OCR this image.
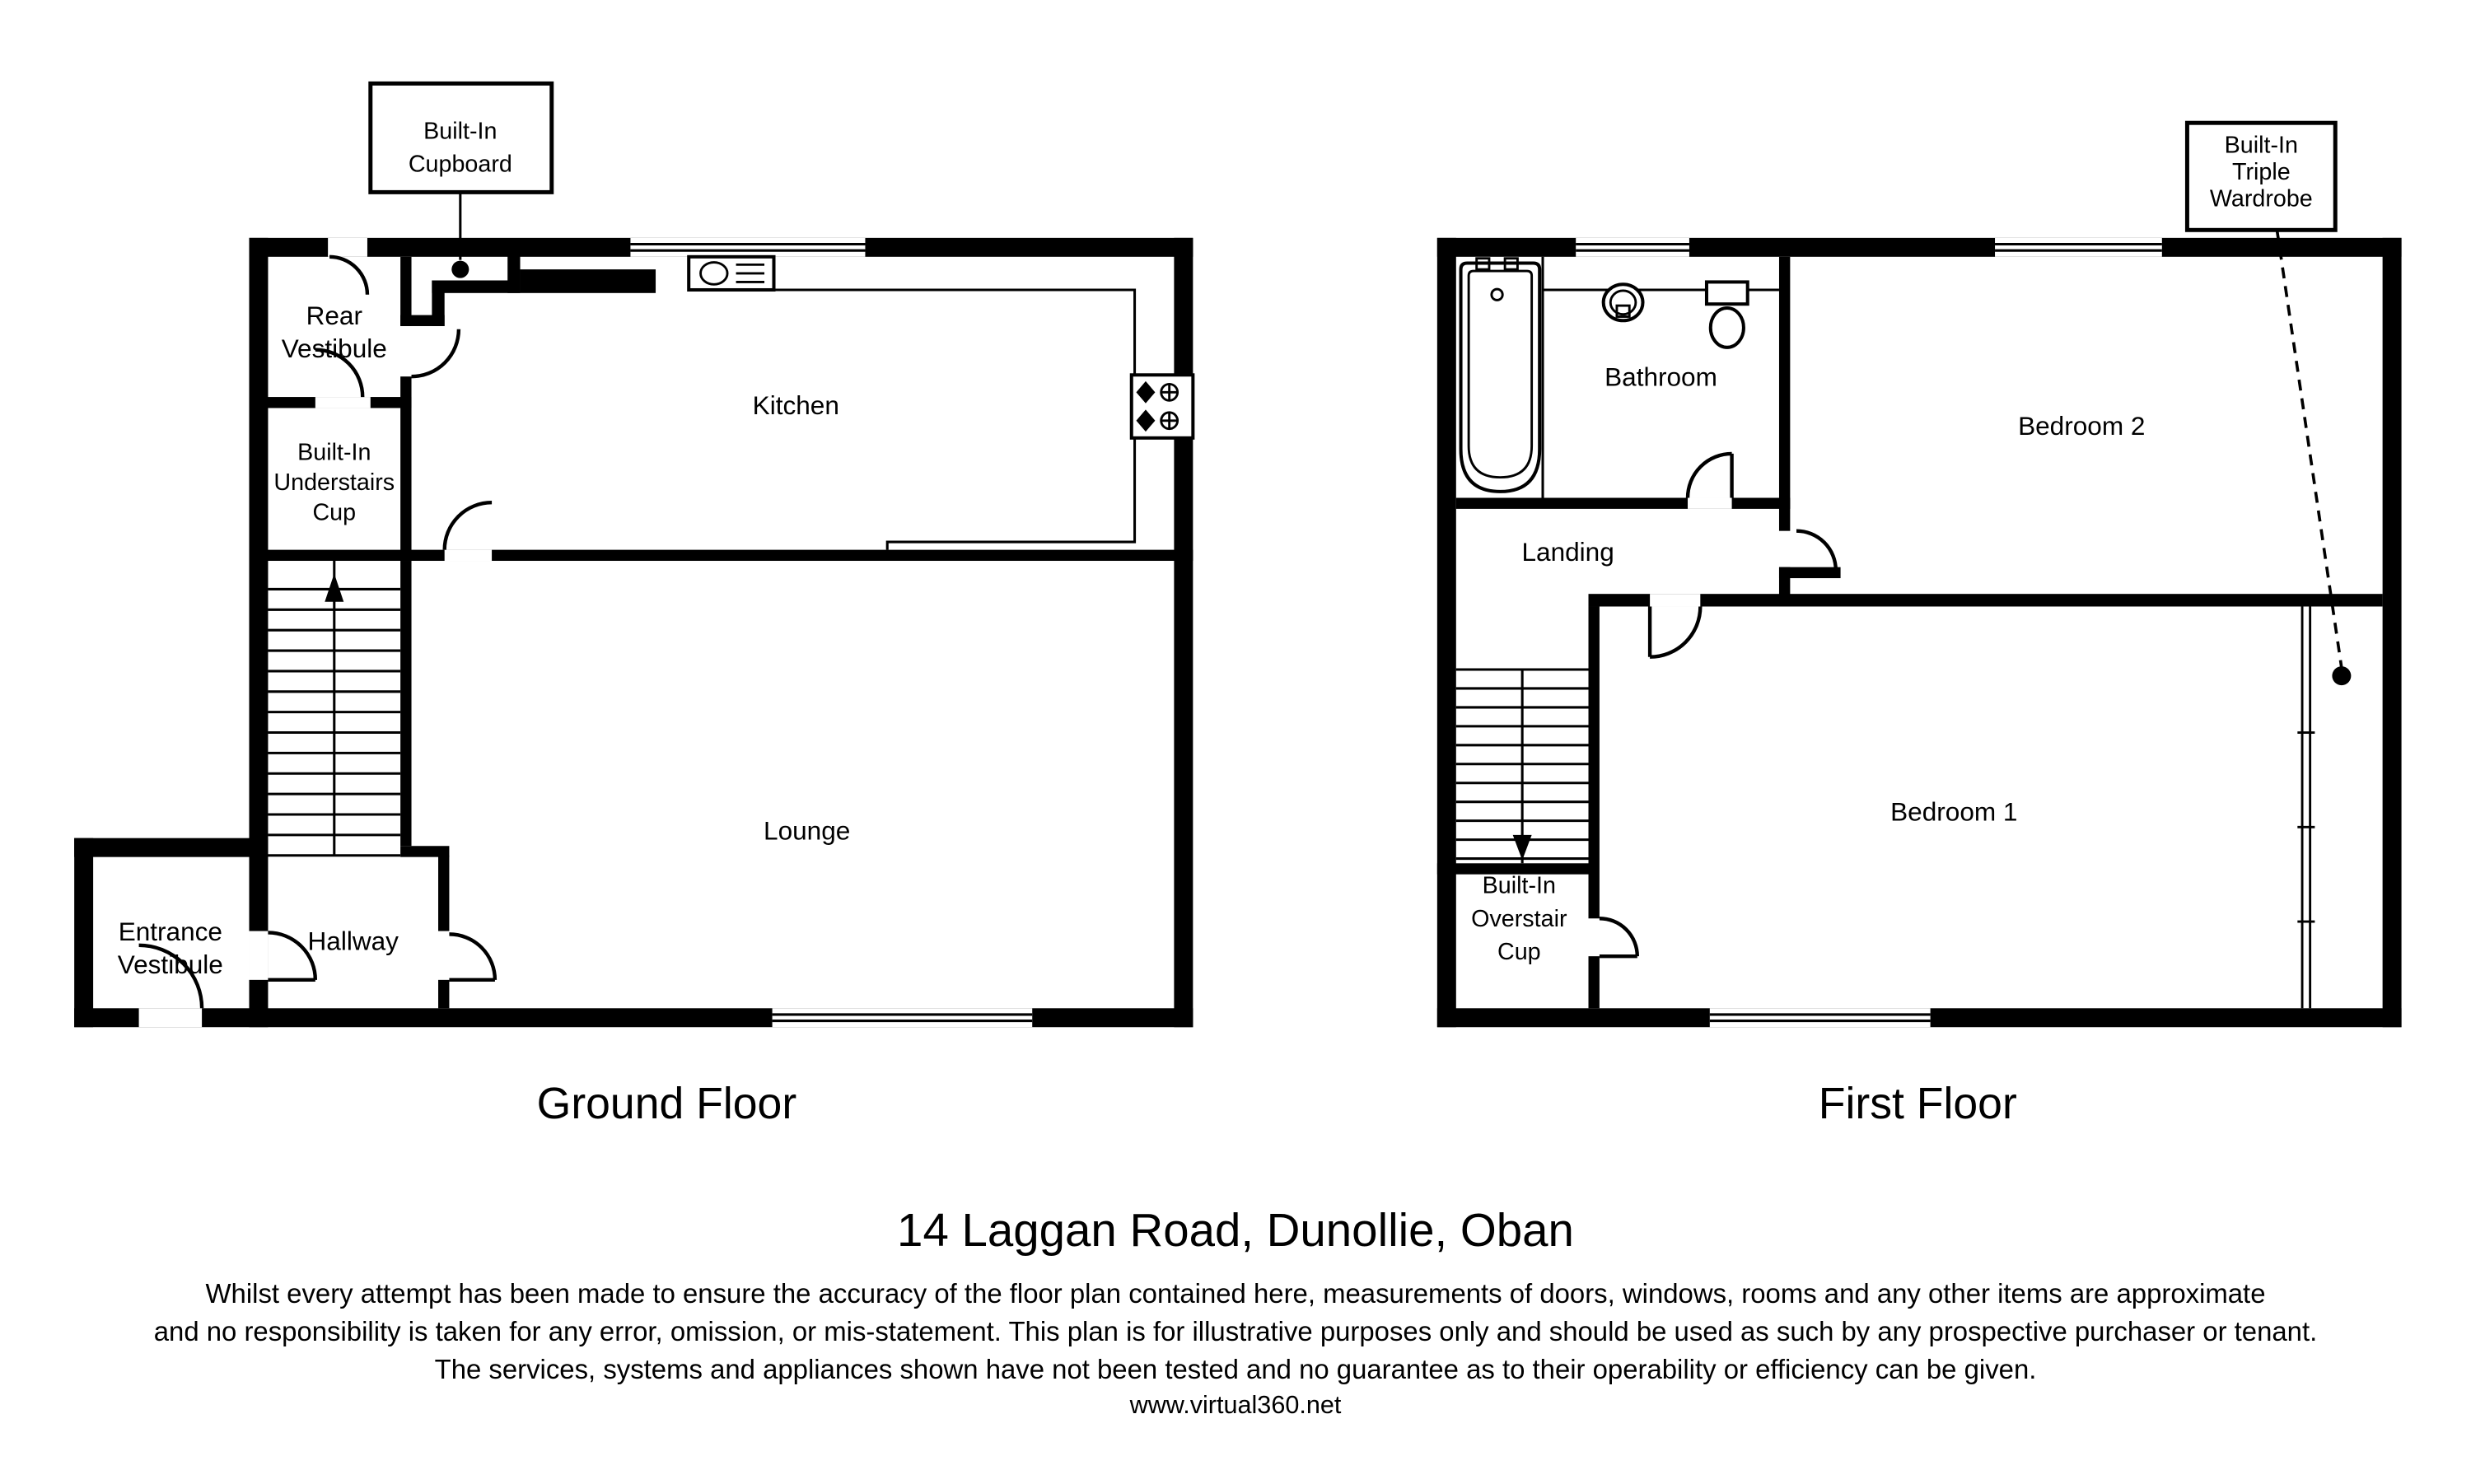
Built-In
Cupboard
Rear
Vestibule
Built-In
Understairs
Cup
Kitchen
Lounge
Hallway
Entrance
Vestibule
Ground Floor
Built-In
Triple
Wardrobe
Bathroom
Bedroom 2
Landing
Built-In
Overstair
Cup
Bedroom 1
First Floor
14 Laggan Road, Dunollie, Oban
Whilst every attempt has been made to ensure the accuracy of the floor plan contained here, measurements of doors, windows, rooms and any other items are approximate
and no responsibility is taken for any error, omission, or mis-statement. This plan is for illustrative purposes only and should be used as such by any prospective purchaser or tenant.
The services, systems and appliances shown have not been tested and no guarantee as to their operability or efficiency can be given.
www.virtual360.net
